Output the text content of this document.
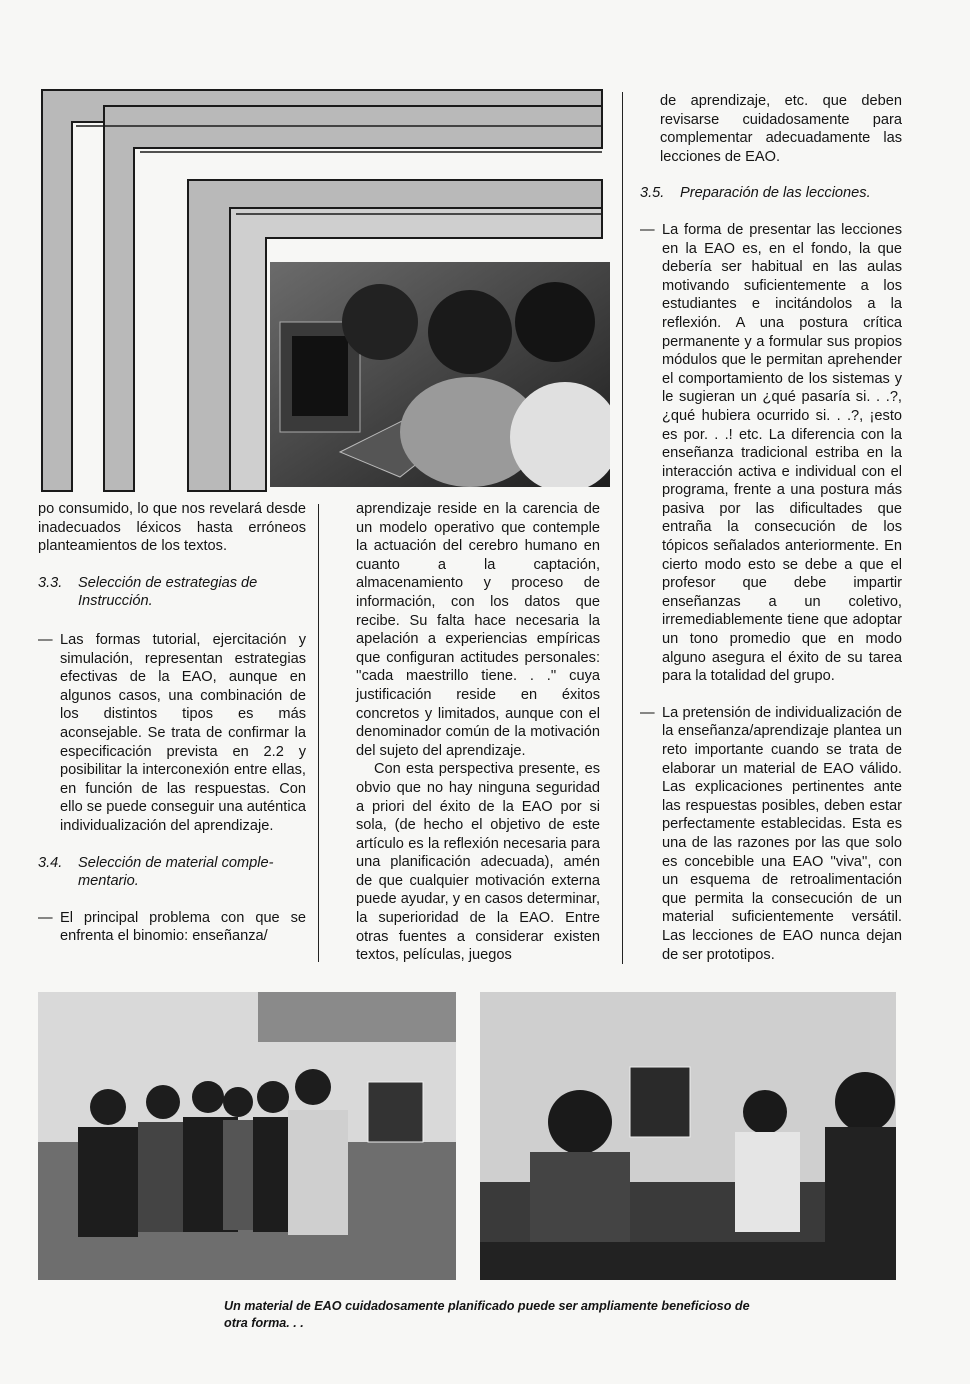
po consumido, lo que nos revelará desde inadecuados léxicos hasta erróneos planteamientos de los textos.

3.3. Selección de estrategias de
Instrucción.

— Las formas tutorial, ejercitación y simulación, representan estrategias efectivas de la EAO, aunque en algunos casos, una combinación de los distintos tipos es más aconsejable. Se trata de confirmar la especificación prevista en 2.2 y posibilitar la interconexión entre ellas, en función de las respuestas. Con ello se puede conseguir una auténtica individualización del aprendizaje.

3.4. Selección de material comple-
mentario.

— El principal problema con que se enfrenta el binomio: enseñanza/

aprendizaje reside en la carencia de un modelo operativo que contemple la actuación del cerebro humano en cuanto a la captación, almacenamiento y proceso de información, con los datos que recibe. Su falta hace necesaria la apelación a experiencias empíricas que configuran actitudes personales: ''cada maestrillo tiene. . .'' cuya justificación reside en éxitos concretos y limitados, aunque con el denominador común de la motivación del sujeto del aprendizaje.

Con esta perspectiva presente, es obvio que no hay ninguna seguridad a priori del éxito de la EAO por si sola, (de hecho el objetivo de este artículo es la reflexión necesaria para una planificación adecuada), amén de que cualquier motivación externa puede ayudar, y en casos determinar, la superioridad de la EAO. Entre otras fuentes a considerar existen textos, películas, juegos

de aprendizaje, etc. que deben revisarse cuidadosamente para complementar adecuadamente las lecciones de EAO.

3.5. Preparación de las lecciones.

— La forma de presentar las lecciones en la EAO es, en el fondo, la que debería ser habitual en las aulas motivando suficientemente a los estudiantes e incitándolos a la reflexión. A una postura crítica permanente y a formular sus propios módulos que le permitan aprehender el comportamiento de los sistemas y le sugieran un ¿qué pasaría si. . .?, ¿qué hubiera ocurrido si. . .?, ¡esto es por. . .! etc. La diferencia con la enseñanza tradicional estriba en la interacción activa e individual con el programa, frente a una postura más pasiva por las dificultades que entraña la consecución de los tópicos señalados anteriormente. En cierto modo esto se debe a que el profesor que debe impartir enseñanzas a un coletivo, irremediablemente tiene que adoptar un tono promedio que en modo alguno asegura el éxito de su tarea para la totalidad del grupo.

— La pretensión de individualización de la enseñanza/aprendizaje plantea un reto importante cuando se trata de elaborar un material de EAO válido. Las explicaciones pertinentes ante las respuestas posibles, deben estar perfectamente establecidas. Esta es una de las razones por las que solo es concebible una EAO ''viva'', con un esquema de retroalimentación que permita la consecución de un material suficientemente versátil. Las lecciones de EAO nunca dejan de ser prototipos.

Un material de EAO cuidadosamente planificado puede ser ampliamente beneficioso de
otra forma. . .
